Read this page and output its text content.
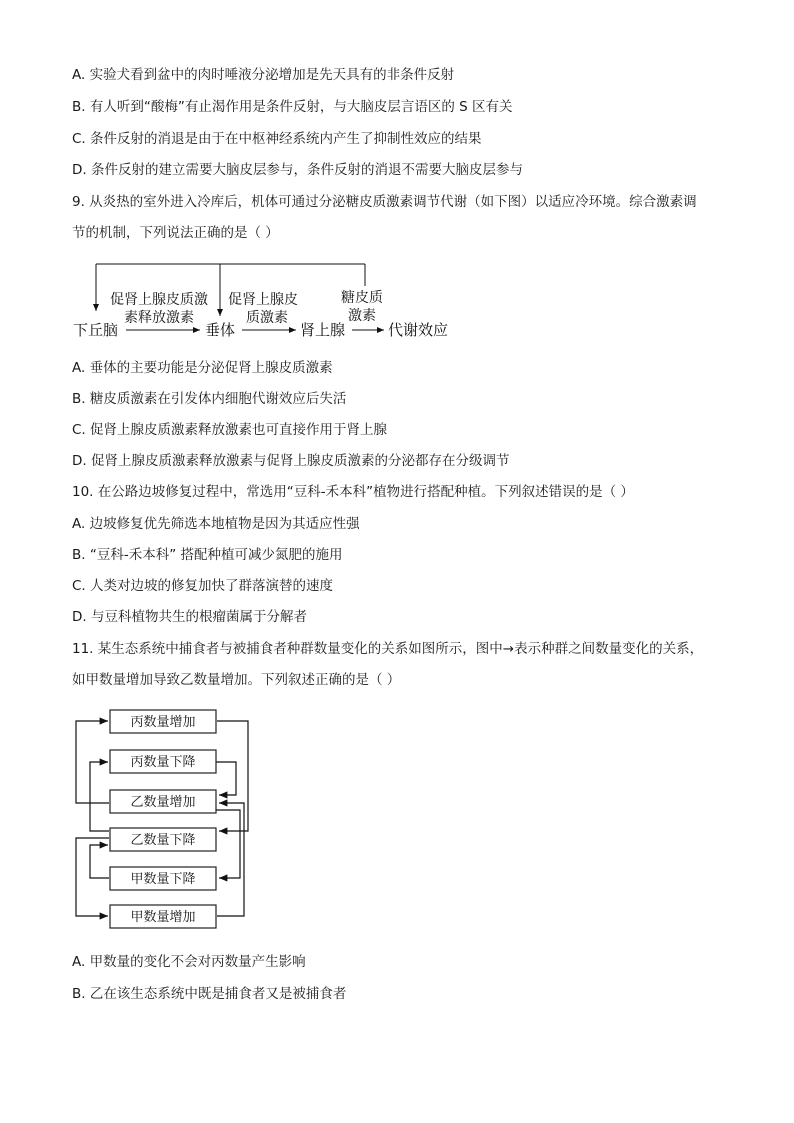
A. 实验犬看到盆中的肉时唾液分泌增加是先天具有的非条件反射
B. 有人听到“酸梅”有止渴作用是条件反射，与大脑皮层言语区的 S 区有关
C. 条件反射的消退是由于在中枢神经系统内产生了抑制性效应的结果
D. 条件反射的建立需要大脑皮层参与，条件反射的消退不需要大脑皮层参与
9. 从炎热的室外进入冷库后，机体可通过分泌糖皮质激素调节代谢（如下图）以适应冷环境。综合激素调
节的机制，下列说法正确的是（ ）
促肾上腺皮质激
素释放激素
促肾上腺皮
质激素
糖皮质
激素
下丘脑	垂体	肾上腺	代谢效应
A. 垂体的主要功能是分泌促肾上腺皮质激素
B. 糖皮质激素在引发体内细胞代谢效应后失活
C. 促肾上腺皮质激素释放激素也可直接作用于肾上腺
D. 促肾上腺皮质激素释放激素与促肾上腺皮质激素的分泌都存在分级调节
10. 在公路边坡修复过程中，常选用“豆科-禾本科”植物进行搭配种植。下列叙述错误的是（ ）
A. 边坡修复优先筛选本地植物是因为其适应性强
B. “豆科-禾本科” 搭配种植可减少氮肥的施用
C. 人类对边坡的修复加快了群落演替的速度
D. 与豆科植物共生的根瘤菌属于分解者
11. 某生态系统中捕食者与被捕食者种群数量变化的关系如图所示，图中→表示种群之间数量变化的关系，
如甲数量增加导致乙数量增加。下列叙述正确的是（ ）
丙数量增加
丙数量下降
乙数量增加
乙数量下降
甲数量下降
甲数量增加
A. 甲数量的变化不会对丙数量产生影响
B. 乙在该生态系统中既是捕食者又是被捕食者
